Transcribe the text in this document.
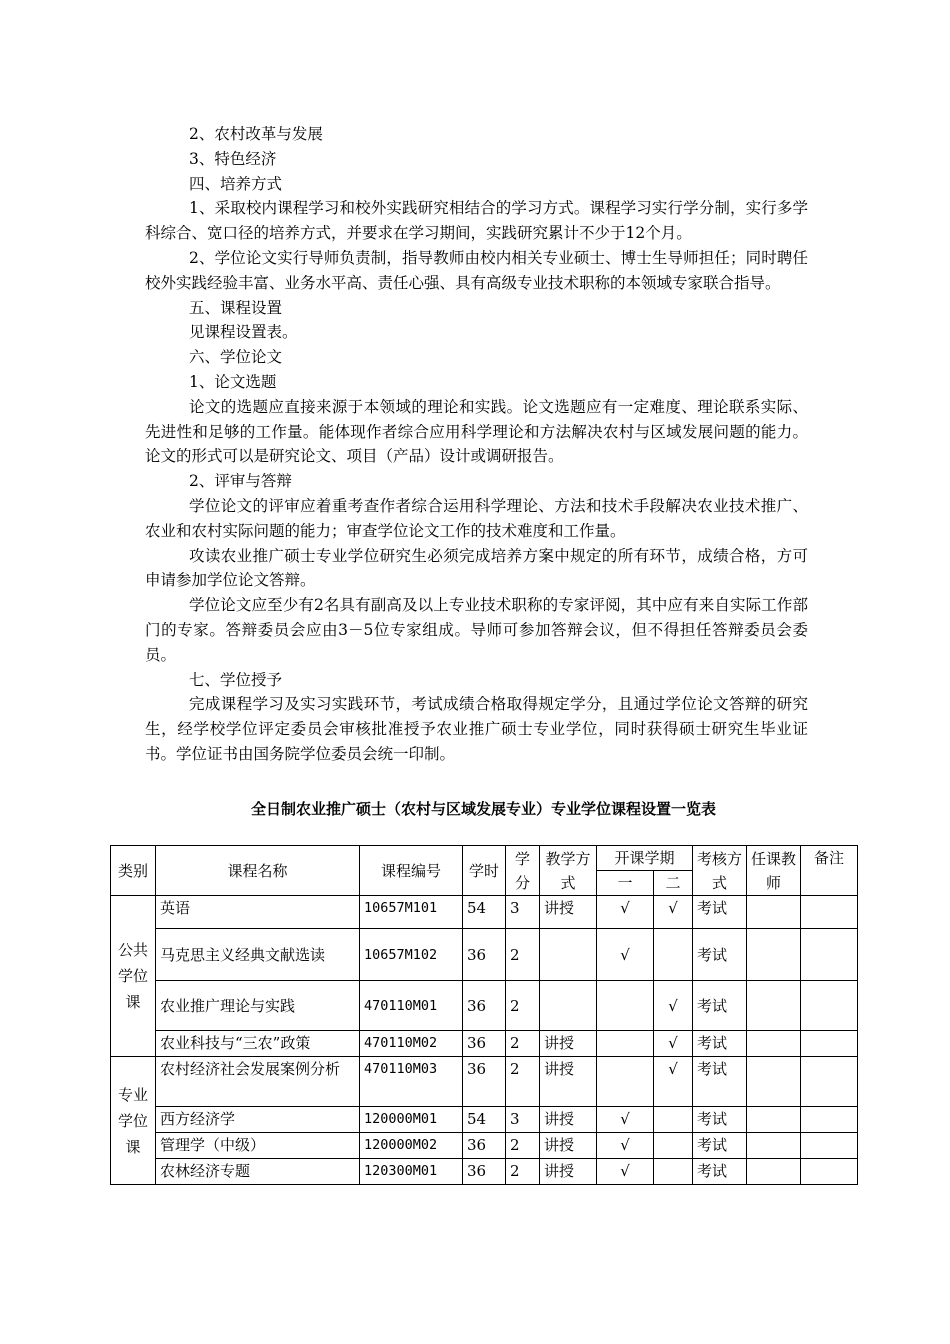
2、农村改革与发展

3、特色经济

四、培养方式

1、采取校内课程学习和校外实践研究相结合的学习方式。课程学习实行学分制，实行多学科综合、宽口径的培养方式，并要求在学习期间，实践研究累计不少于12个月。

2、学位论文实行导师负责制，指导教师由校内相关专业硕士、博士生导师担任；同时聘任校外实践经验丰富、业务水平高、责任心强、具有高级专业技术职称的本领域专家联合指导。

五、课程设置

见课程设置表。

六、学位论文

1、论文选题

论文的选题应直接来源于本领域的理论和实践。论文选题应有一定难度、理论联系实际、先进性和足够的工作量。能体现作者综合应用科学理论和方法解决农村与区域发展问题的能力。论文的形式可以是研究论文、项目（产品）设计或调研报告。

2、评审与答辩

学位论文的评审应着重考查作者综合运用科学理论、方法和技术手段解决农业技术推广、农业和农村实际问题的能力；审查学位论文工作的技术难度和工作量。

攻读农业推广硕士专业学位研究生必须完成培养方案中规定的所有环节，成绩合格，方可申请参加学位论文答辩。

学位论文应至少有2名具有副高及以上专业技术职称的专家评阅，其中应有来自实际工作部门的专家。答辩委员会应由3－5位专家组成。导师可参加答辩会议，但不得担任答辩委员会委员。

七、学位授予

完成课程学习及实习实践环节，考试成绩合格取得规定学分，且通过学位论文答辩的研究生，经学校学位评定委员会审核批准授予农业推广硕士专业学位，同时获得硕士研究生毕业证书。学位证书由国务院学位委员会统一印制。

全日制农业推广硕士（农村与区域发展专业）专业学位课程设置一览表
类别	课程名称	课程编号	学时	学分	教学方式	开课学期		考核方式	任课教师	备注
						一	二			
公共学位课	英语	10657M101	54	3	讲授	√	√	考试		
	马克思主义经典文献选读	10657M102	36	2		√		考试		
	农业推广理论与实践	470110M01	36	2			√	考试		
	农业科技与“三农”政策	470110M02	36	2	讲授		√	考试		
专业学位课	农村经济社会发展案例分析	470110M03	36	2	讲授		√	考试		
	西方经济学	120000M01	54	3	讲授	√		考试		
	管理学（中级）	120000M02	36	2	讲授	√		考试		
	农林经济专题	120300M01	36	2	讲授	√		考试		
